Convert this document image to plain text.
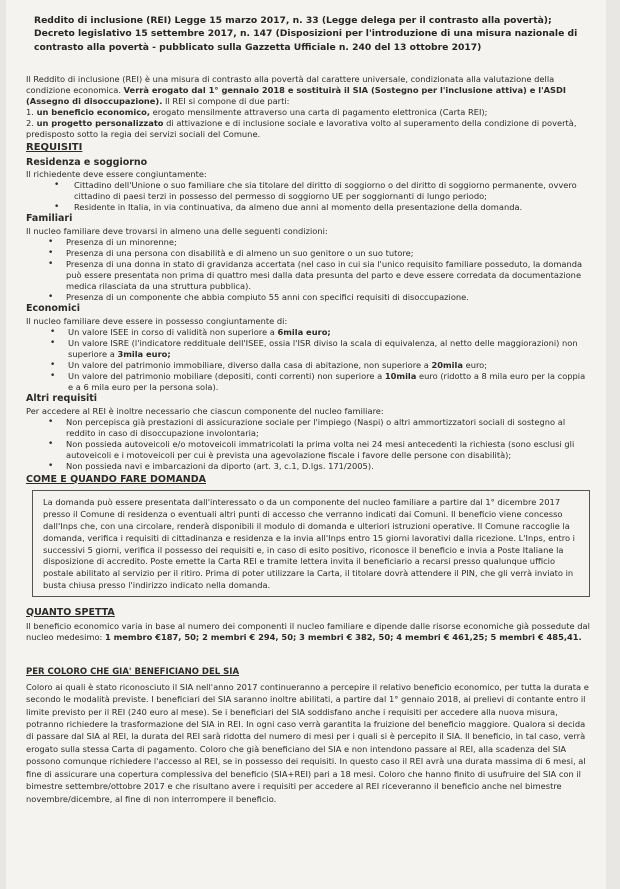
Reddito di inclusione (REI) Legge 15 marzo 2017, n. 33 (Legge delega per il contrasto alla povertà); Decreto legislativo 15 settembre 2017, n. 147 (Disposizioni per l'introduzione di una misura nazionale di contrasto alla povertà - pubblicato sulla Gazzetta Ufficiale n. 240 del 13 ottobre 2017)

Il Reddito di inclusione (REI) è una misura di contrasto alla povertà dal carattere universale, condizionata alla valutazione della condizione economica. Verrà erogato dal 1° gennaio 2018 e sostituirà il SIA (Sostegno per l'inclusione attiva) e l'ASDI (Assegno di disoccupazione). Il REI si compone di due parti:

1. un beneficio economico, erogato mensilmente attraverso una carta di pagamento elettronica (Carta REI);
2. un progetto personalizzato di attivazione e di inclusione sociale e lavorativa volto al superamento della condizione di povertà, predisposto sotto la regia dei servizi sociali del Comune.
REQUISITI
Residenza e soggiorno

Il richiedente deve essere congiuntamente:

• Cittadino dell'Unione o suo familiare che sia titolare del diritto di soggiorno o del diritto di soggiorno permanente, ovvero cittadino di paesi terzi in possesso del permesso di soggiorno UE per soggiornanti di lungo periodo;
• Residente in Italia, in via continuativa, da almeno due anni al momento della presentazione della domanda.
Familiari

Il nucleo familiare deve trovarsi in almeno una delle seguenti condizioni:

• Presenza di un minorenne;
• Presenza di una persona con disabilità e di almeno un suo genitore o un suo tutore;
• Presenza di una donna in stato di gravidanza accertata (nel caso in cui sia l'unico requisito familiare posseduto, la domanda può essere presentata non prima di quattro mesi dalla data presunta del parto e deve essere corredata da documentazione medica rilasciata da una struttura pubblica).
• Presenza di un componente che abbia compiuto 55 anni con specifici requisiti di disoccupazione.
Economici

Il nucleo familiare deve essere in possesso congiuntamente di:

• Un valore ISEE in corso di validità non superiore a 6mila euro;
• Un valore ISRE (l'indicatore reddituale dell'ISEE, ossia l'ISR diviso la scala di equivalenza, al netto delle maggiorazioni) non superiore a 3mila euro;
• Un valore del patrimonio immobiliare, diverso dalla casa di abitazione, non superiore a 20mila euro;
• Un valore del patrimonio mobiliare (depositi, conti correnti) non superiore a 10mila euro (ridotto a 8 mila euro per la coppia e a 6 mila euro per la persona sola).
Altri requisiti

Per accedere al REI è inoltre necessario che ciascun componente del nucleo familiare:

• Non percepisca già prestazioni di assicurazione sociale per l'impiego (Naspi) o altri ammortizzatori sociali di sostegno al reddito in caso di disoccupazione involontaria;
• Non possieda autoveicoli e/o motoveicoli immatricolati la prima volta nei 24 mesi antecedenti la richiesta (sono esclusi gli autoveicoli e i motoveicoli per cui è prevista una agevolazione fiscale i favore delle persone con disabilità);
• Non possieda navi e imbarcazioni da diporto (art. 3, c.1, D.lgs. 171/2005).
COME E QUANDO FARE DOMANDA

La domanda può essere presentata dall'interessato o da un componente del nucleo familiare a partire dal 1° dicembre 2017 presso il Comune di residenza o eventuali altri punti di accesso che verranno indicati dai Comuni. Il beneficio viene concesso dall'Inps che, con una circolare, renderà disponibili il modulo di domanda e ulteriori istruzioni operative. Il Comune raccoglie la domanda, verifica i requisiti di cittadinanza e residenza e la invia all'Inps entro 15 giorni lavorativi dalla ricezione. L'Inps, entro i successivi 5 giorni, verifica il possesso dei requisiti e, in caso di esito positivo, riconosce il beneficio e invia a Poste Italiane la disposizione di accredito. Poste emette la Carta REI e tramite lettera invita il beneficiario a recarsi presso qualunque ufficio postale abilitato al servizio per il ritiro. Prima di poter utilizzare la Carta, il titolare dovrà attendere il PIN, che gli verrà inviato in busta chiusa presso l'indirizzo indicato nella domanda.

QUANTO SPETTA

Il beneficio economico varia in base al numero dei componenti il nucleo familiare e dipende dalle risorse economiche già possedute dal nucleo medesimo: 1 membro €187, 50; 2 membri € 294, 50; 3 membri € 382, 50; 4 membri € 461,25; 5 membri € 485,41.

PER COLORO CHE GIA' BENEFICIANO DEL SIA

Coloro ai quali è stato riconosciuto il SIA nell'anno 2017 continueranno a percepire il relativo beneficio economico, per tutta la durata e secondo le modalità previste. I beneficiari del SIA saranno inoltre abilitati, a partire dal 1° gennaio 2018, ai prelievi di contante entro il limite previsto per il REI (240 euro al mese). Se i beneficiari del SIA soddisfano anche i requisiti per accedere alla nuova misura, potranno richiedere la trasformazione del SIA in REI. In ogni caso verrà garantita la fruizione del beneficio maggiore. Qualora si decida di passare dal SIA al REI, la durata del REI sarà ridotta del numero di mesi per i quali si è percepito il SIA. Il beneficio, in tal caso, verrà erogato sulla stessa Carta di pagamento. Coloro che già beneficiano del SIA e non intendono passare al REI, alla scadenza del SIA possono comunque richiedere l'accesso al REI, se in possesso dei requisiti. In questo caso il REI avrà una durata massima di 6 mesi, al fine di assicurare una copertura complessiva del beneficio (SIA+REI) pari a 18 mesi. Coloro che hanno finito di usufruire del SIA con il bimestre settembre/ottobre 2017 e che risultano avere i requisiti per accedere al REI riceveranno il beneficio anche nel bimestre novembre/dicembre, al fine di non interrompere il beneficio.
